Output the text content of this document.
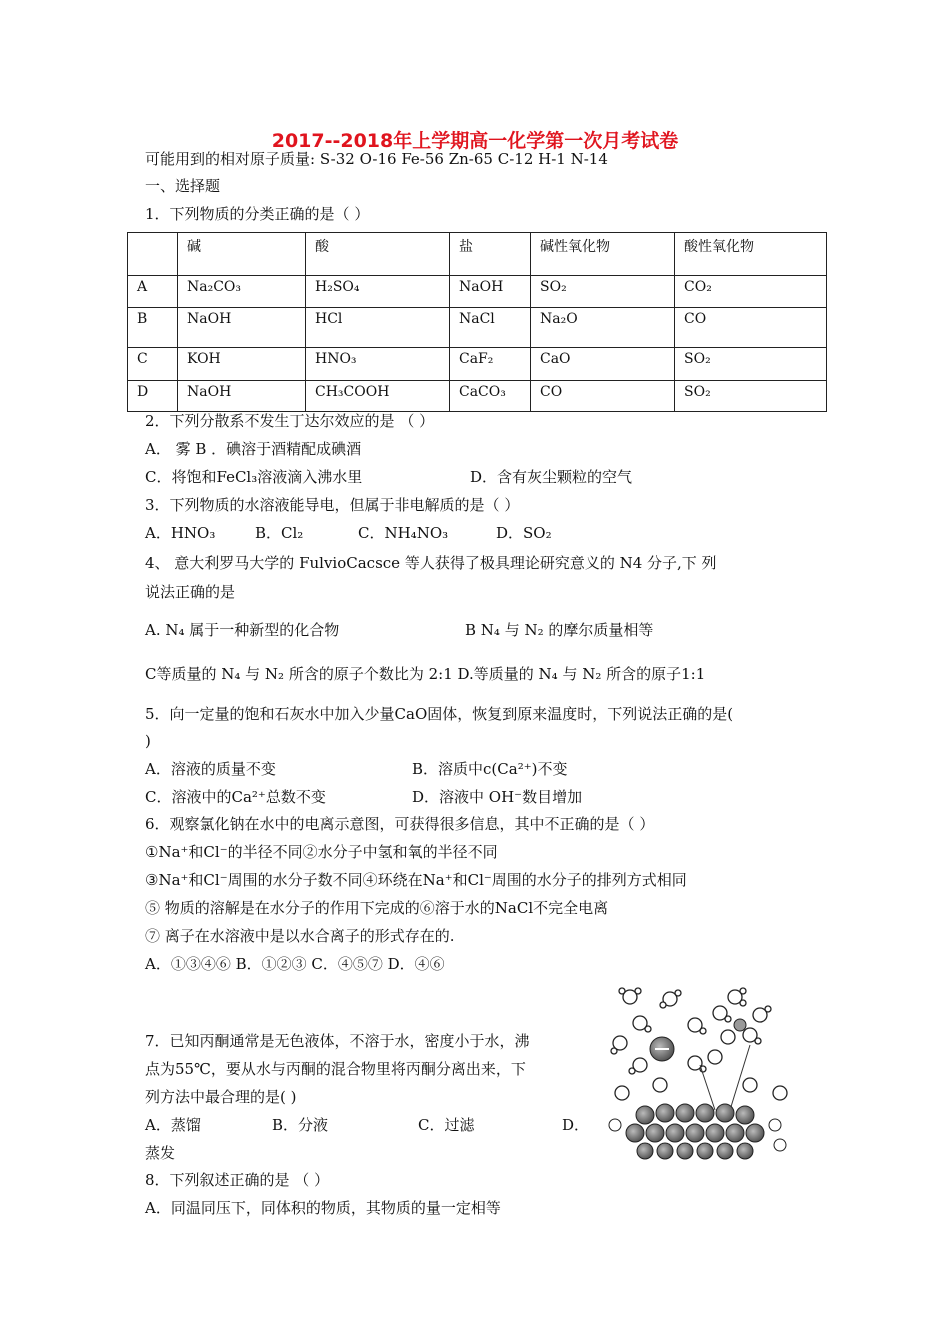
2017--2018年上学期高一化学第一次月考试卷
可能用到的相对原子质量: S-32 O-16 Fe-56 Zn-65 C-12 H-1 N-14
一、选择题
1．下列物质的分类正确的是（ ）
	碱	酸	盐	碱性氧化物	酸性氧化物
A	Na₂CO₃	H₂SO₄	NaOH	SO₂	CO₂
B	NaOH	HCl	NaCl	Na₂O	CO
C	KOH	HNO₃	CaF₂	CaO	SO₂
D	NaOH	CH₃COOH	CaCO₃	CO	SO₂
2．下列分散系不发生丁达尔效应的是 （ ）
A． 雾 B ．碘溶于酒精配成碘酒
C．将饱和FeCl₃溶液滴入沸水里	D．含有灰尘颗粒的空气
3．下列物质的水溶液能导电，但属于非电解质的是（ ）
A．HNO₃	B．Cl₂	C．NH₄NO₃	D．SO₂
4、 意大利罗马大学的 FulvioCacsce 等人获得了极具理论研究意义的 N4 分子,下 列
说法正确的是
A. N₄ 属于一种新型的化合物	B N₄ 与 N₂ 的摩尔质量相等
C等质量的 N₄ 与 N₂ 所含的原子个数比为 2:1 D.等质量的 N₄ 与 N₂ 所含的原子1:1
5．向一定量的饱和石灰水中加入少量CaO固体，恢复到原来温度时，下列说法正确的是(
)
A．溶液的质量不变	B．溶质中c(Ca²⁺)不变
C．溶液中的Ca²⁺总数不变	D．溶液中 OH⁻数目增加
6．观察氯化钠在水中的电离示意图，可获得很多信息，其中不正确的是（ ）
①Na⁺和Cl⁻的半径不同②水分子中氢和氧的半径不同
③Na⁺和Cl⁻周围的水分子数不同④环绕在Na⁺和Cl⁻周围的水分子的排列方式相同
⑤ 物质的溶解是在水分子的作用下完成的⑥溶于水的NaCl不完全电离
⑦ 离子在水溶液中是以水合离子的形式存在的.
A．①③④⑥ B．①②③ C．④⑤⑦ D．④⑥
7．已知丙酮通常是无色液体，不溶于水，密度小于水，沸
点为55℃，要从水与丙酮的混合物里将丙酮分离出来，下
列方法中最合理的是( )
A．蒸馏	B．分液	C．过滤	D．
蒸发
8．下列叙述正确的是 （ ）
A．同温同压下，同体积的物质，其物质的量一定相等
